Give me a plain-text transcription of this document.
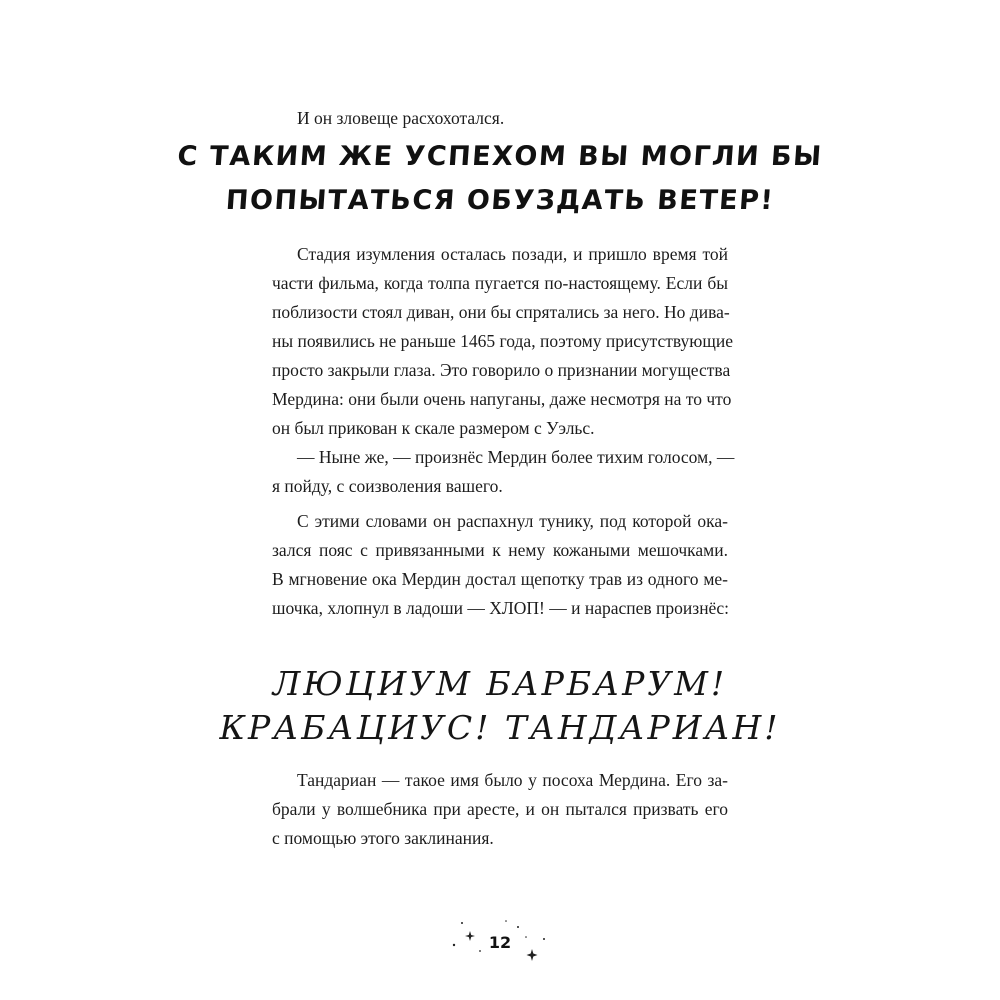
И он зловеще расхохотался.
С ТАКИМ ЖЕ УСПЕХОМ ВЫ МОГЛИ БЫ
ПОПЫТАТЬСЯ ОБУЗДАТЬ ВЕТЕР!
Стадия изумления осталась позади, и пришло время той
части фильма, когда толпа пугается по-настоящему. Если бы
поблизости стоял диван, они бы спрятались за него. Но дива-
ны появились не раньше 1465 года, поэтому присутствующие
просто закрыли глаза. Это говорило о признании могущества
Мердина: они были очень напуганы, даже несмотря на то что
он был прикован к скале размером с Уэльс.
— Ныне же, — произнёс Мердин более тихим голосом, —
я пойду, с соизволения вашего.
С этими словами он распахнул тунику, под которой ока-
зался пояс с привязанными к нему кожаными мешочками.
В мгновение ока Мердин достал щепотку трав из одного ме-
шочка, хлопнул в ладоши — ХЛОП! — и нараспев произнёс:
ЛЮЦИУМ БАРБАРУМ!
КРАБАЦИУС! ТАНДАРИАН!
Тандариан — такое имя было у посоха Мердина. Его за-
брали у волшебника при аресте, и он пытался призвать его
с помощью этого заклинания.
12
